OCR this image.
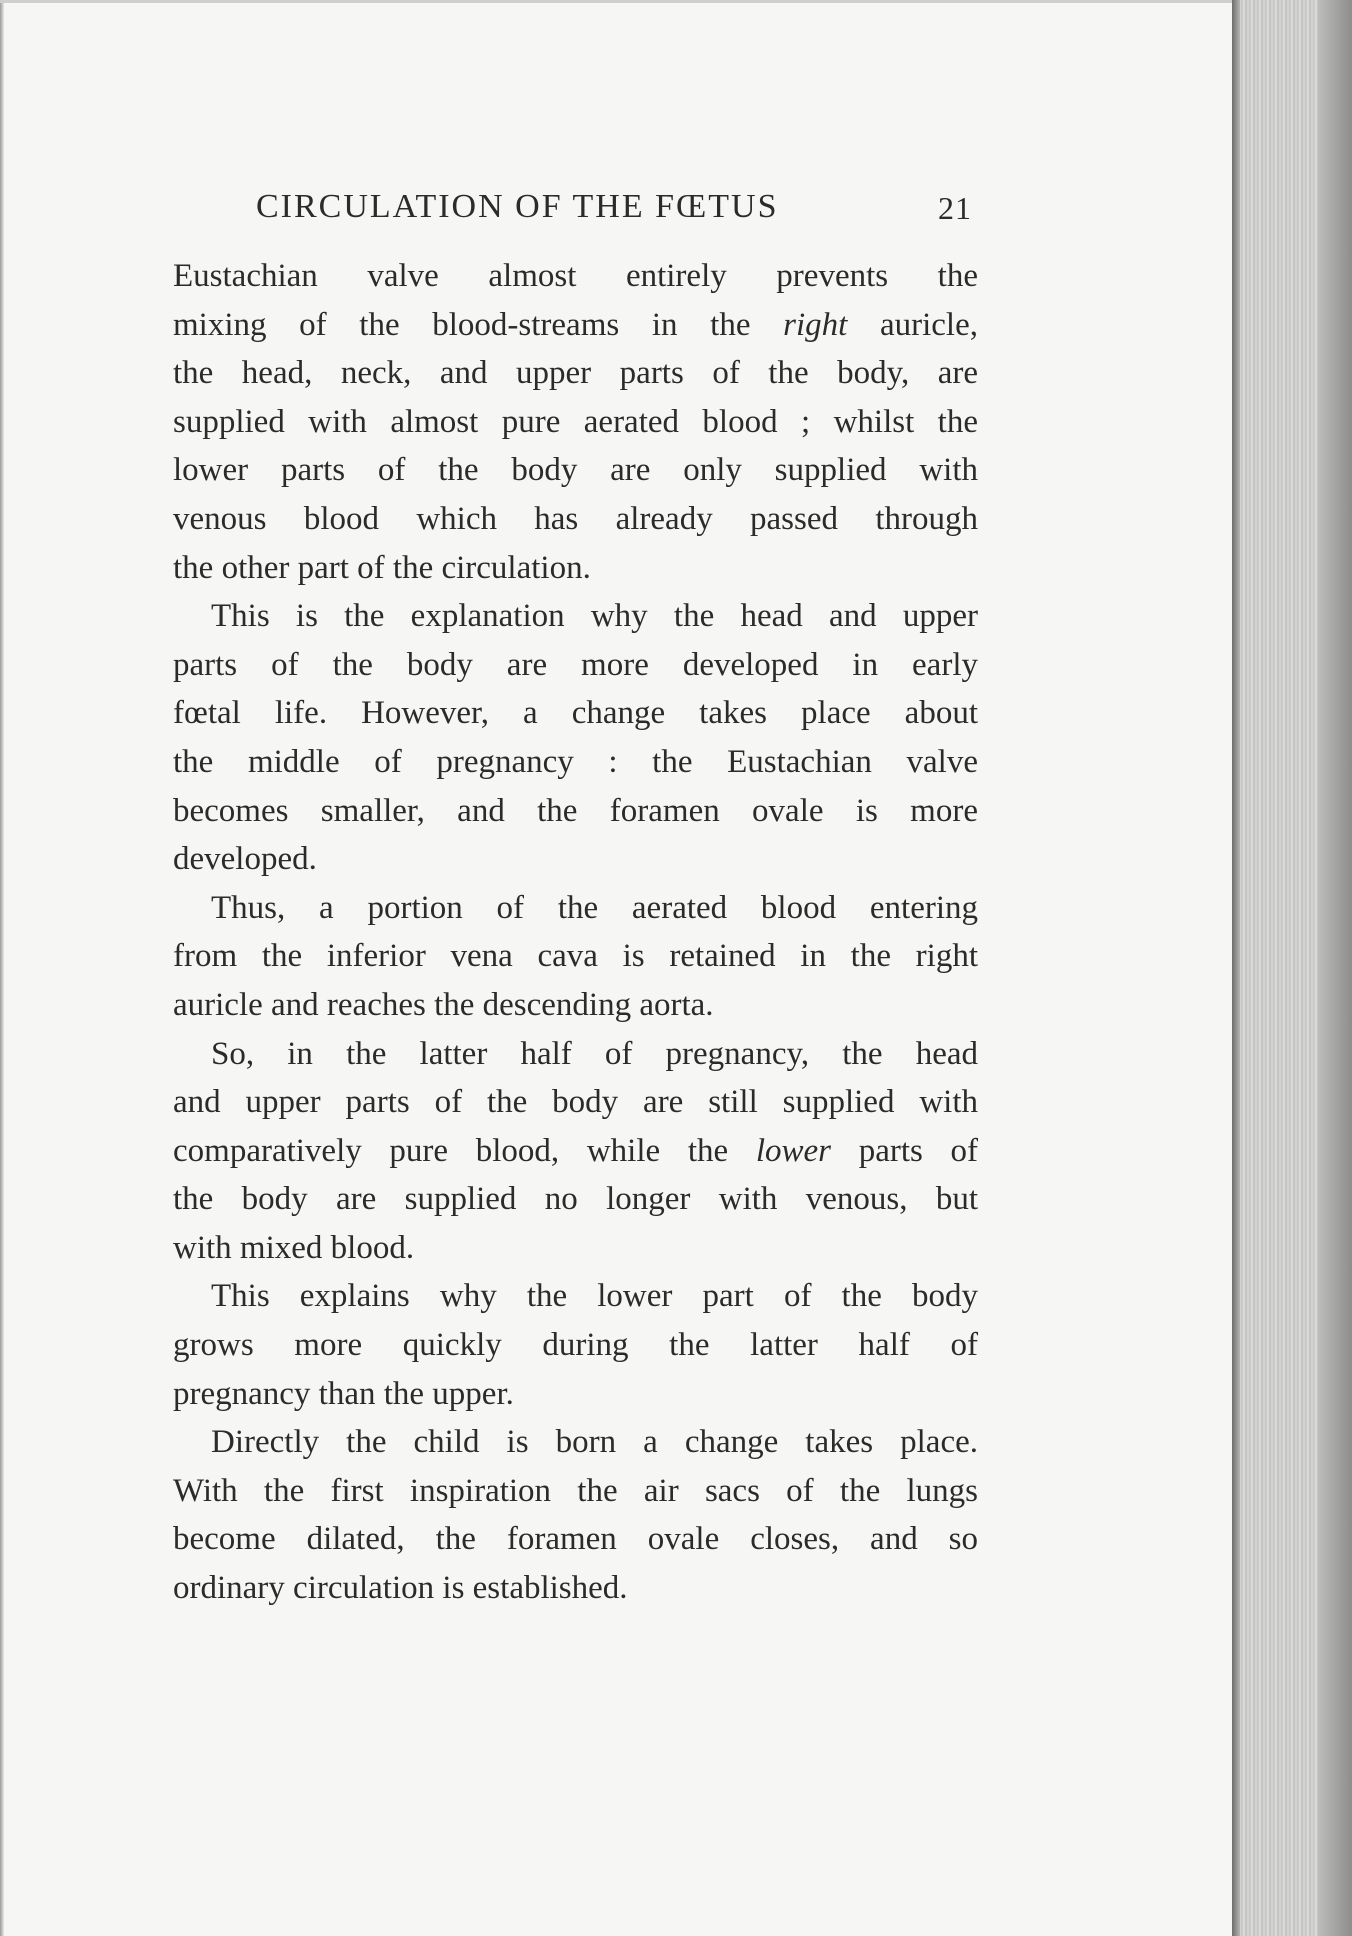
CIRCULATION OF THE FŒTUS	21
Eustachian valve almost entirely prevents the
mixing of the blood-streams in the right auricle,
the head, neck, and upper parts of the body, are
supplied with almost pure aerated blood ; whilst the
lower parts of the body are only supplied with
venous blood which has already passed through
the other part of the circulation.
This is the explanation why the head and upper
parts of the body are more developed in early
fœtal life. However, a change takes place about
the middle of pregnancy : the Eustachian valve
becomes smaller, and the foramen ovale is more
developed.
Thus, a portion of the aerated blood entering
from the inferior vena cava is retained in the right
auricle and reaches the descending aorta.
So, in the latter half of pregnancy, the head
and upper parts of the body are still supplied with
comparatively pure blood, while the lower parts of
the body are supplied no longer with venous, but
with mixed blood.
This explains why the lower part of the body
grows more quickly during the latter half of
pregnancy than the upper.
Directly the child is born a change takes place.
With the first inspiration the air sacs of the lungs
become dilated, the foramen ovale closes, and so
ordinary circulation is established.
